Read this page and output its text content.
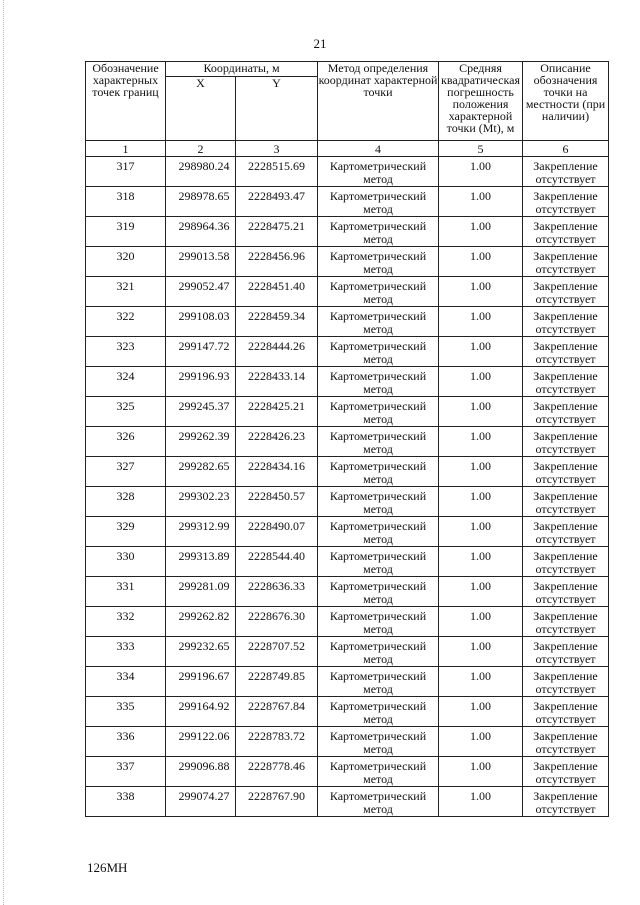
21
Обозначение характерных точек границ	Координаты, м		Метод определения координат характерной точки	Средняя квадратическая погрешность положения характерной точки (Mt), м	Описание обозначения точки на местности (при наличии)
	X	Y			
1	2	3	4	5	6
317	298980.24	2228515.69	Картометрический метод	1.00	Закрепление отсутствует
318	298978.65	2228493.47	Картометрический метод	1.00	Закрепление отсутствует
319	298964.36	2228475.21	Картометрический метод	1.00	Закрепление отсутствует
320	299013.58	2228456.96	Картометрический метод	1.00	Закрепление отсутствует
321	299052.47	2228451.40	Картометрический метод	1.00	Закрепление отсутствует
322	299108.03	2228459.34	Картометрический метод	1.00	Закрепление отсутствует
323	299147.72	2228444.26	Картометрический метод	1.00	Закрепление отсутствует
324	299196.93	2228433.14	Картометрический метод	1.00	Закрепление отсутствует
325	299245.37	2228425.21	Картометрический метод	1.00	Закрепление отсутствует
326	299262.39	2228426.23	Картометрический метод	1.00	Закрепление отсутствует
327	299282.65	2228434.16	Картометрический метод	1.00	Закрепление отсутствует
328	299302.23	2228450.57	Картометрический метод	1.00	Закрепление отсутствует
329	299312.99	2228490.07	Картометрический метод	1.00	Закрепление отсутствует
330	299313.89	2228544.40	Картометрический метод	1.00	Закрепление отсутствует
331	299281.09	2228636.33	Картометрический метод	1.00	Закрепление отсутствует
332	299262.82	2228676.30	Картометрический метод	1.00	Закрепление отсутствует
333	299232.65	2228707.52	Картометрический метод	1.00	Закрепление отсутствует
334	299196.67	2228749.85	Картометрический метод	1.00	Закрепление отсутствует
335	299164.92	2228767.84	Картометрический метод	1.00	Закрепление отсутствует
336	299122.06	2228783.72	Картометрический метод	1.00	Закрепление отсутствует
337	299096.88	2228778.46	Картометрический метод	1.00	Закрепление отсутствует
338	299074.27	2228767.90	Картометрический метод	1.00	Закрепление отсутствует
126МН
